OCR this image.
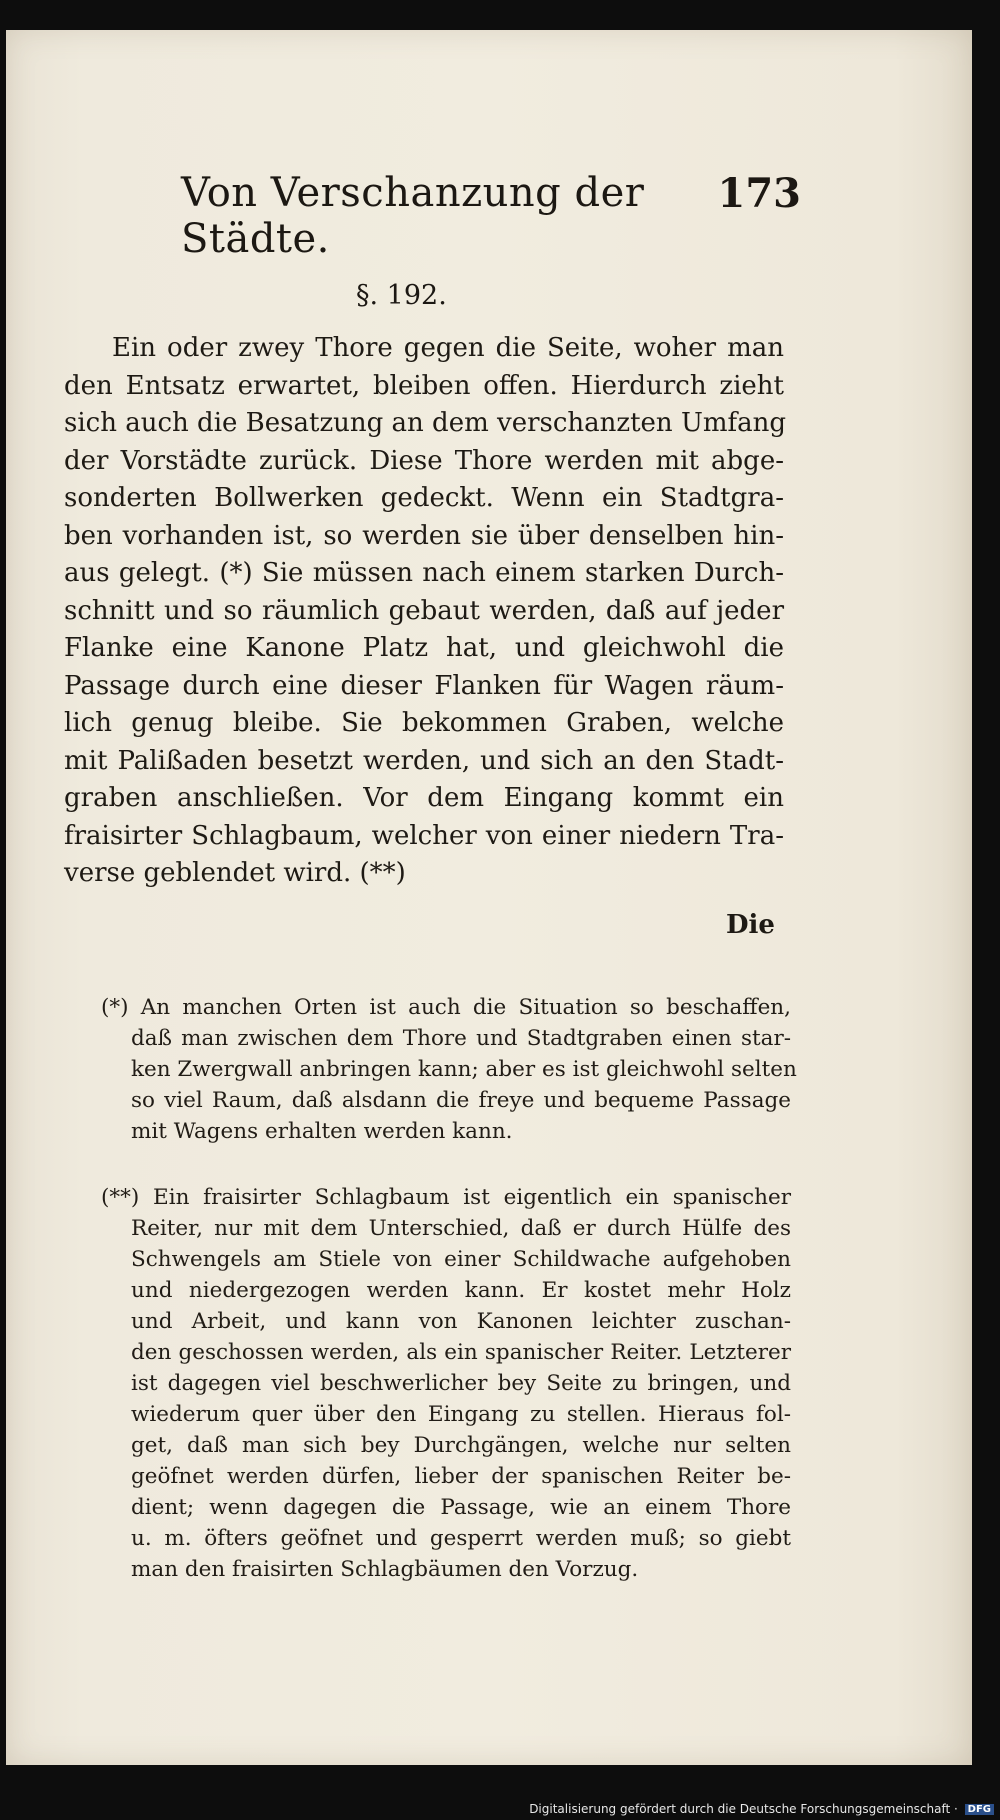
Von Verschanzung der Städte.
173
§. 192.
Ein oder zwey Thore gegen die Seite, woher man
den Entsatz erwartet, bleiben offen. Hierdurch zieht
sich auch die Besatzung an dem verschanzten Umfang
der Vorstädte zurück. Diese Thore werden mit abge-
sonderten Bollwerken gedeckt. Wenn ein Stadtgra-
ben vorhanden ist, so werden sie über denselben hin-
aus gelegt. (*) Sie müssen nach einem starken Durch-
schnitt und so räumlich gebaut werden, daß auf jeder
Flanke eine Kanone Platz hat, und gleichwohl die
Passage durch eine dieser Flanken für Wagen räum-
lich genug bleibe. Sie bekommen Graben, welche
mit Palißaden besetzt werden, und sich an den Stadt-
graben anschließen. Vor dem Eingang kommt ein
fraisirter Schlagbaum, welcher von einer niedern Tra-
verse geblendet wird. (**)
Die
(*) An manchen Orten ist auch die Situation so beschaffen,
daß man zwischen dem Thore und Stadtgraben einen star-
ken Zwergwall anbringen kann; aber es ist gleichwohl selten
so viel Raum, daß alsdann die freye und bequeme Passage
mit Wagens erhalten werden kann.
(**) Ein fraisirter Schlagbaum ist eigentlich ein spanischer
Reiter, nur mit dem Unterschied, daß er durch Hülfe des
Schwengels am Stiele von einer Schildwache aufgehoben
und niedergezogen werden kann. Er kostet mehr Holz
und Arbeit, und kann von Kanonen leichter zuschan-
den geschossen werden, als ein spanischer Reiter. Letzterer
ist dagegen viel beschwerlicher bey Seite zu bringen, und
wiederum quer über den Eingang zu stellen. Hieraus fol-
get, daß man sich bey Durchgängen, welche nur selten
geöfnet werden dürfen, lieber der spanischen Reiter be-
dient; wenn dagegen die Passage, wie an einem Thore
u. m. öfters geöfnet und gesperrt werden muß; so giebt
man den fraisirten Schlagbäumen den Vorzug.
Digitalisierung gefördert durch die Deutsche Forschungsgemeinschaft · DFG
